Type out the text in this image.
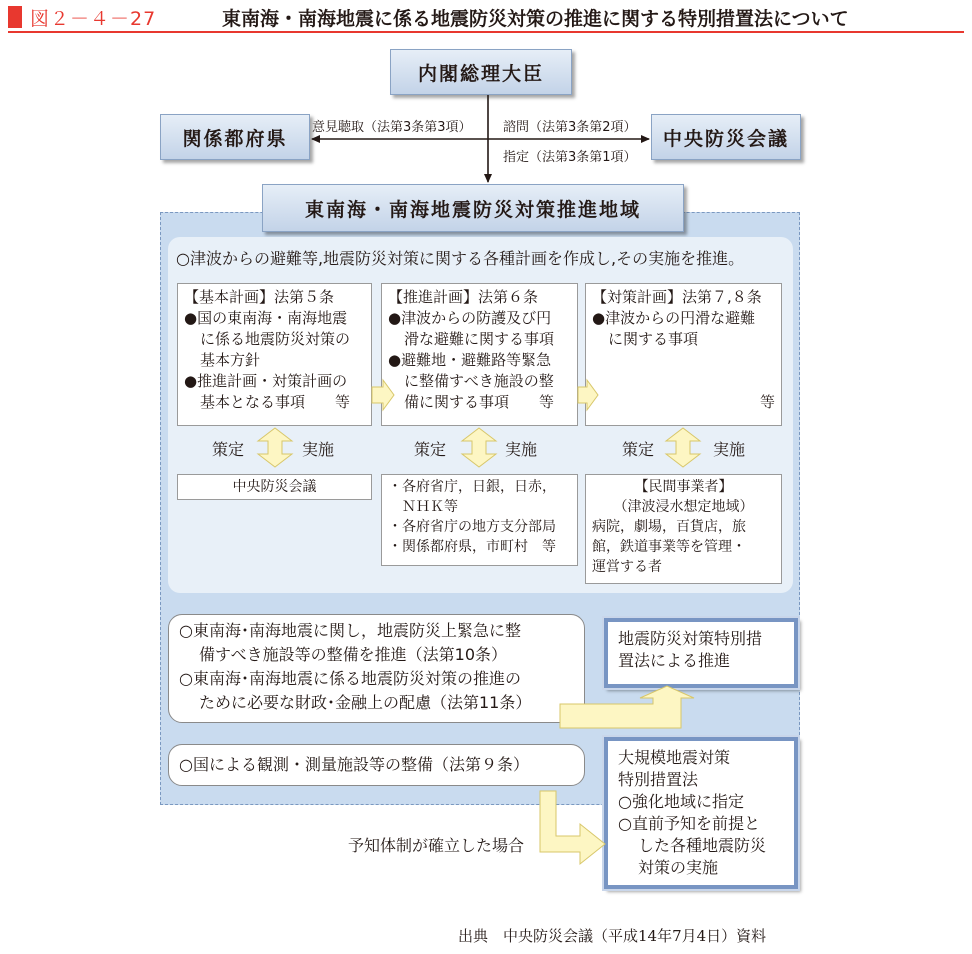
図２－４－27	東南海・南海地震に係る地震防災対策の推進に関する特別措置法について
内閣総理大臣
関係都府県	中央防災会議
意見聴取（法第3条第3項） 諮問（法第3条第2項）
指定（法第3条第1項）
東南海・南海地震防災対策推進地域
○津波からの避難等,地震防災対策に関する各種計画を作成し,その実施を推進。
【基本計画】法第５条
●国の東南海・南海地震
に係る地震防災対策の
基本方針
●推進計画・対策計画の
基本となる事項　　等
【推進計画】法第６条
●津波からの防護及び円
滑な避難に関する事項
●避難地・避難路等緊急
に整備すべき施設の整
備に関する事項　　等
【対策計画】法第７,８条
●津波からの円滑な避難
に関する事項
等
策定	実施	策定	実施	策定	実施
中央防災会議	・各府省庁，日銀，日赤，
　ＮＨＫ等
・各府省庁の地方支分部局
・関係都府県，市町村　等
【民間事業者】
（津波浸水想定地域）
病院，劇場，百貨店，旅
館，鉄道事業等を管理・
運営する者
○東南海･南海地震に関し，地震防災上緊急に整
備すべき施設等の整備を推進（法第10条）
○東南海･南海地震に係る地震防災対策の推進の
ために必要な財政･金融上の配慮（法第11条）
○国による観測・測量施設等の整備（法第９条）
地震防災対策特別措
置法による推進
大規模地震対策
特別措置法
○強化地域に指定
○直前予知を前提と
した各種地震防災
対策の実施
予知体制が確立した場合
出典　中央防災会議（平成14年7月4日）資料
